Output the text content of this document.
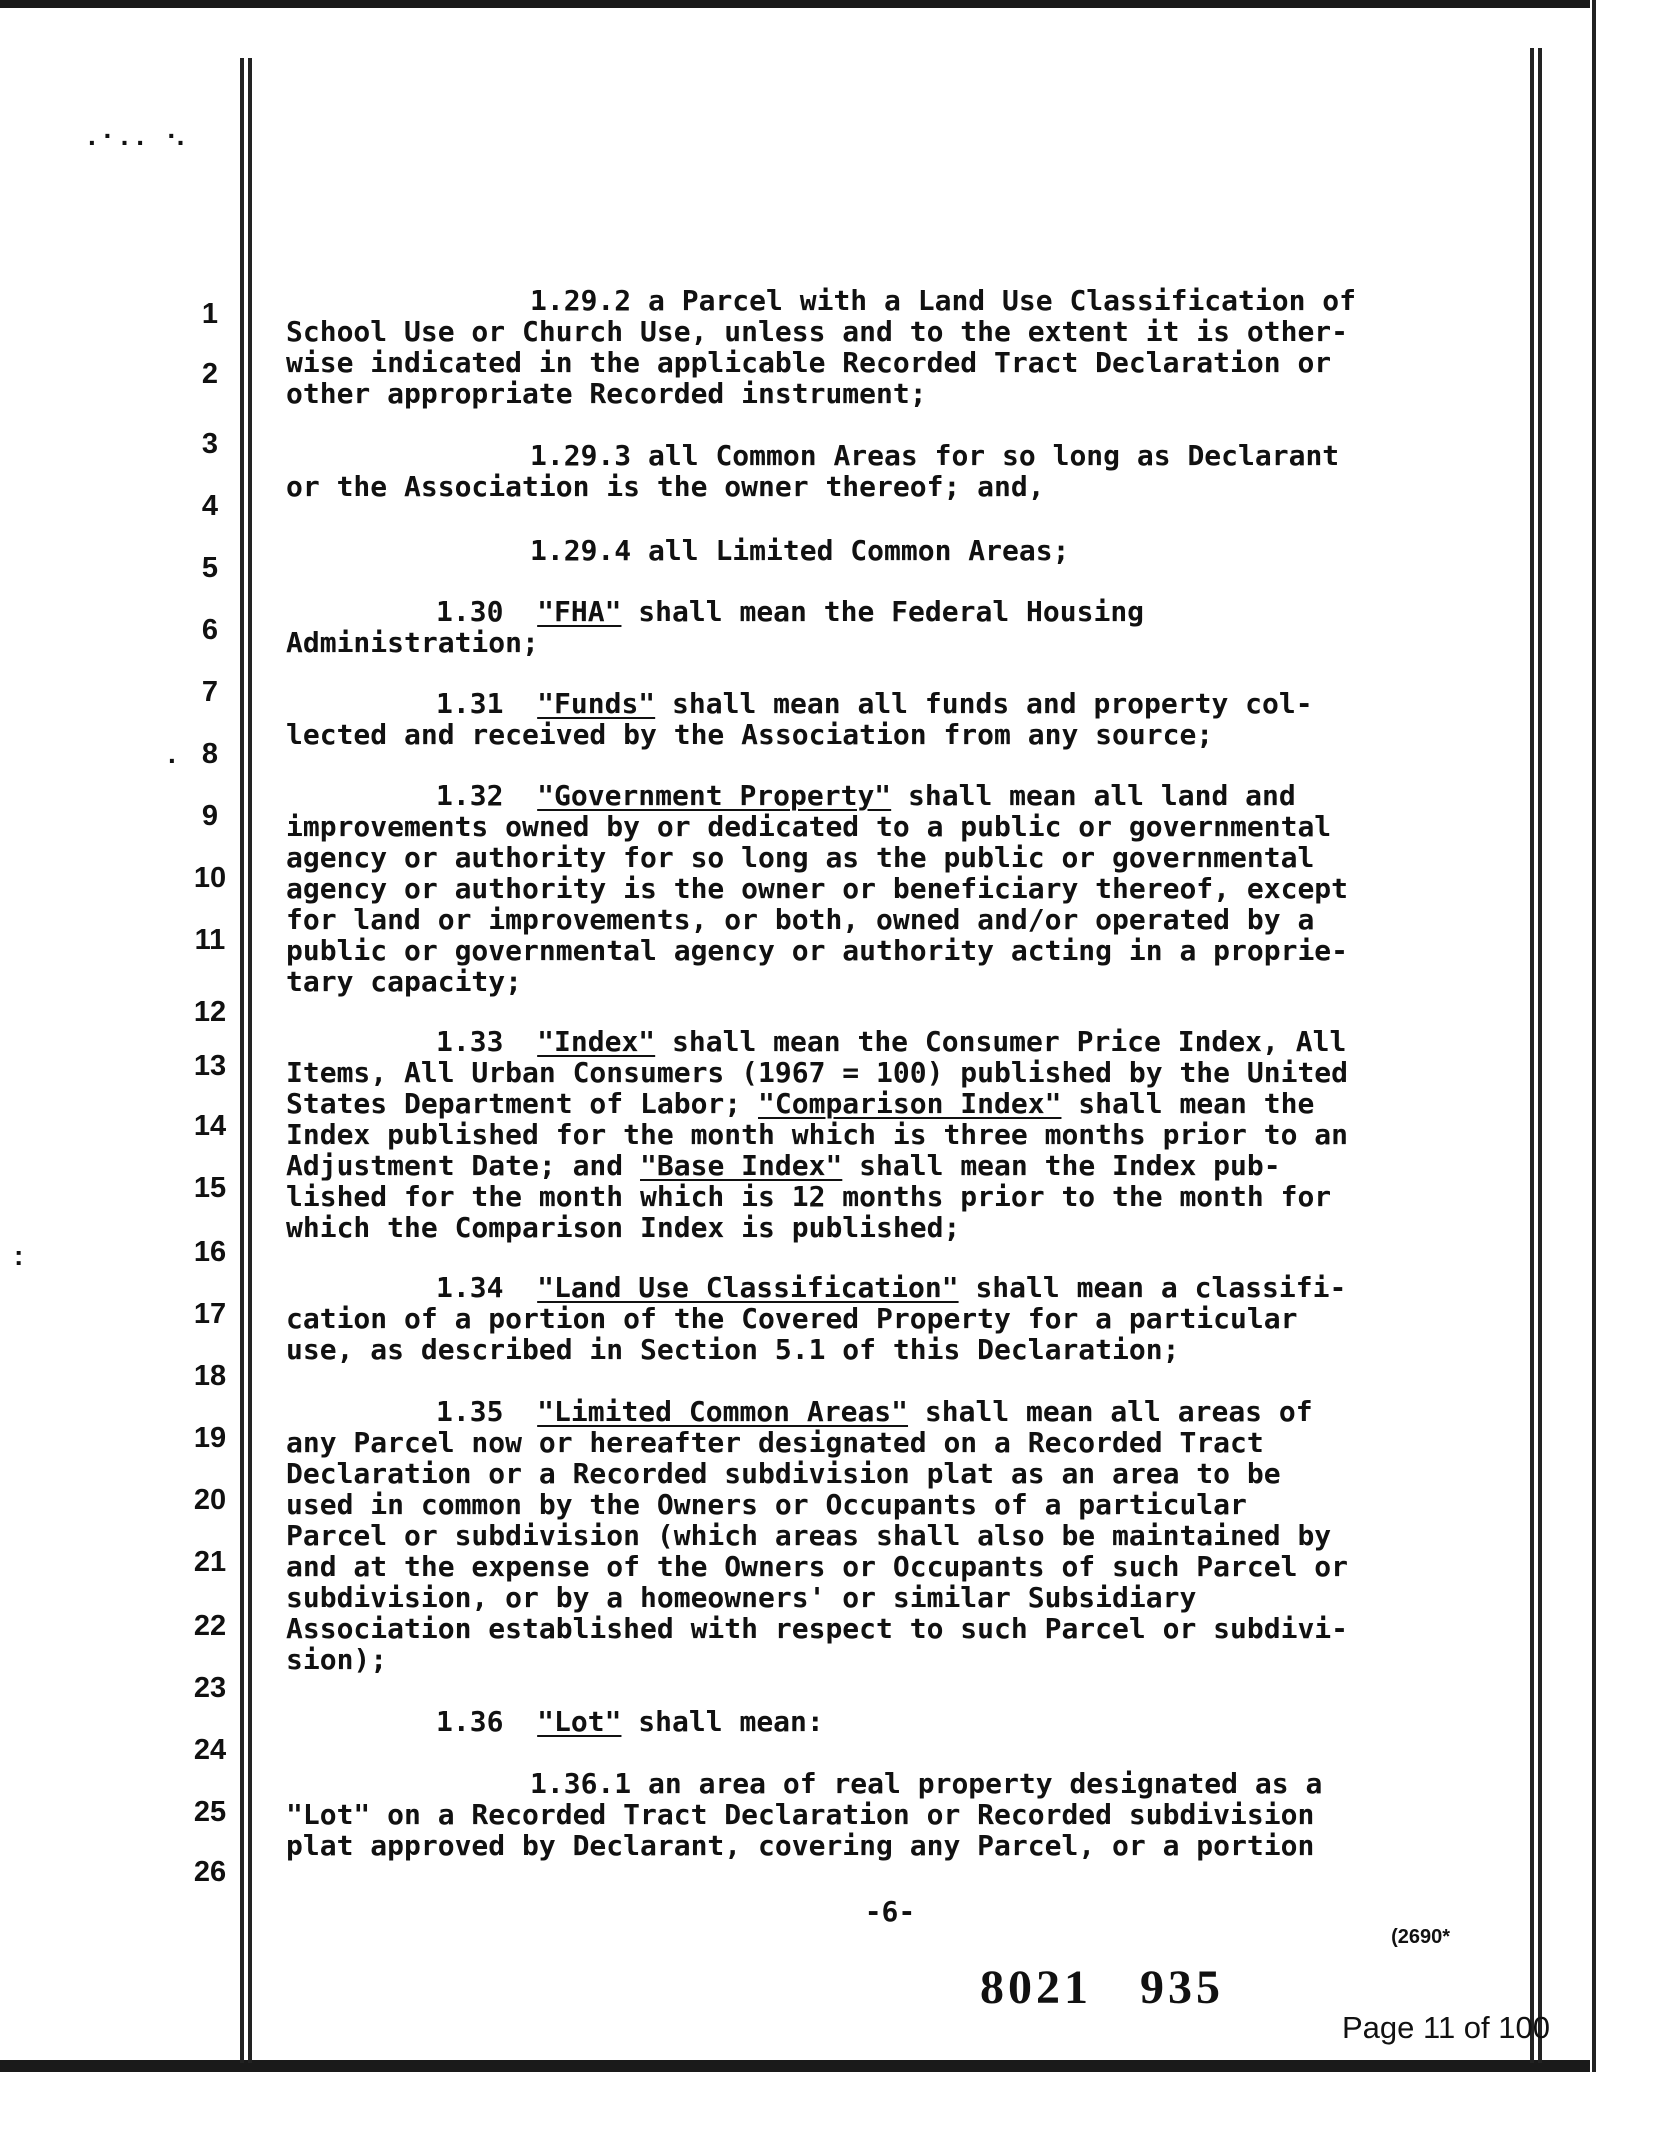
1
2
3
4
5
6
7
8
9
10
11
12
13
14
15
16
17
18
19
20
21
22
23
24
25
26
1.29.2 a Parcel with a Land Use Classification of
School Use or Church Use, unless and to the extent it is other-
wise indicated in the applicable Recorded Tract Declaration or
other appropriate Recorded instrument;
1.29.3 all Common Areas for so long as Declarant
or the Association is the owner thereof; and,
1.29.4 all Limited Common Areas;
1.30 "FHA" shall mean the Federal Housing
Administration;
1.31 "Funds" shall mean all funds and property col-
lected and received by the Association from any source;
1.32 "Government Property" shall mean all land and
improvements owned by or dedicated to a public or governmental
agency or authority for so long as the public or governmental
agency or authority is the owner or beneficiary thereof, except
for land or improvements, or both, owned and/or operated by a
public or governmental agency or authority acting in a proprie-
tary capacity;
1.33 "Index" shall mean the Consumer Price Index, All
Items, All Urban Consumers (1967 = 100) published by the United
States Department of Labor; "Comparison Index" shall mean the
Index published for the month which is three months prior to an
Adjustment Date; and "Base Index" shall mean the Index pub-
lished for the month which is 12 months prior to the month for
which the Comparison Index is published;
1.34 "Land Use Classification" shall mean a classifi-
cation of a portion of the Covered Property for a particular
use, as described in Section 5.1 of this Declaration;
1.35 "Limited Common Areas" shall mean all areas of
any Parcel now or hereafter designated on a Recorded Tract
Declaration or a Recorded subdivision plat as an area to be
used in common by the Owners or Occupants of a particular
Parcel or subdivision (which areas shall also be maintained by
and at the expense of the Owners or Occupants of such Parcel or
subdivision, or by a homeowners' or similar Subsidiary
Association established with respect to such Parcel or subdivi-
sion);
1.36 "Lot" shall mean:
1.36.1 an area of real property designated as a
"Lot" on a Recorded Tract Declaration or Recorded subdivision
plat approved by Declarant, covering any Parcel, or a portion
-6-
(2690*
8021   935
Page 11 of 100
. · . .   ·.
.
:
